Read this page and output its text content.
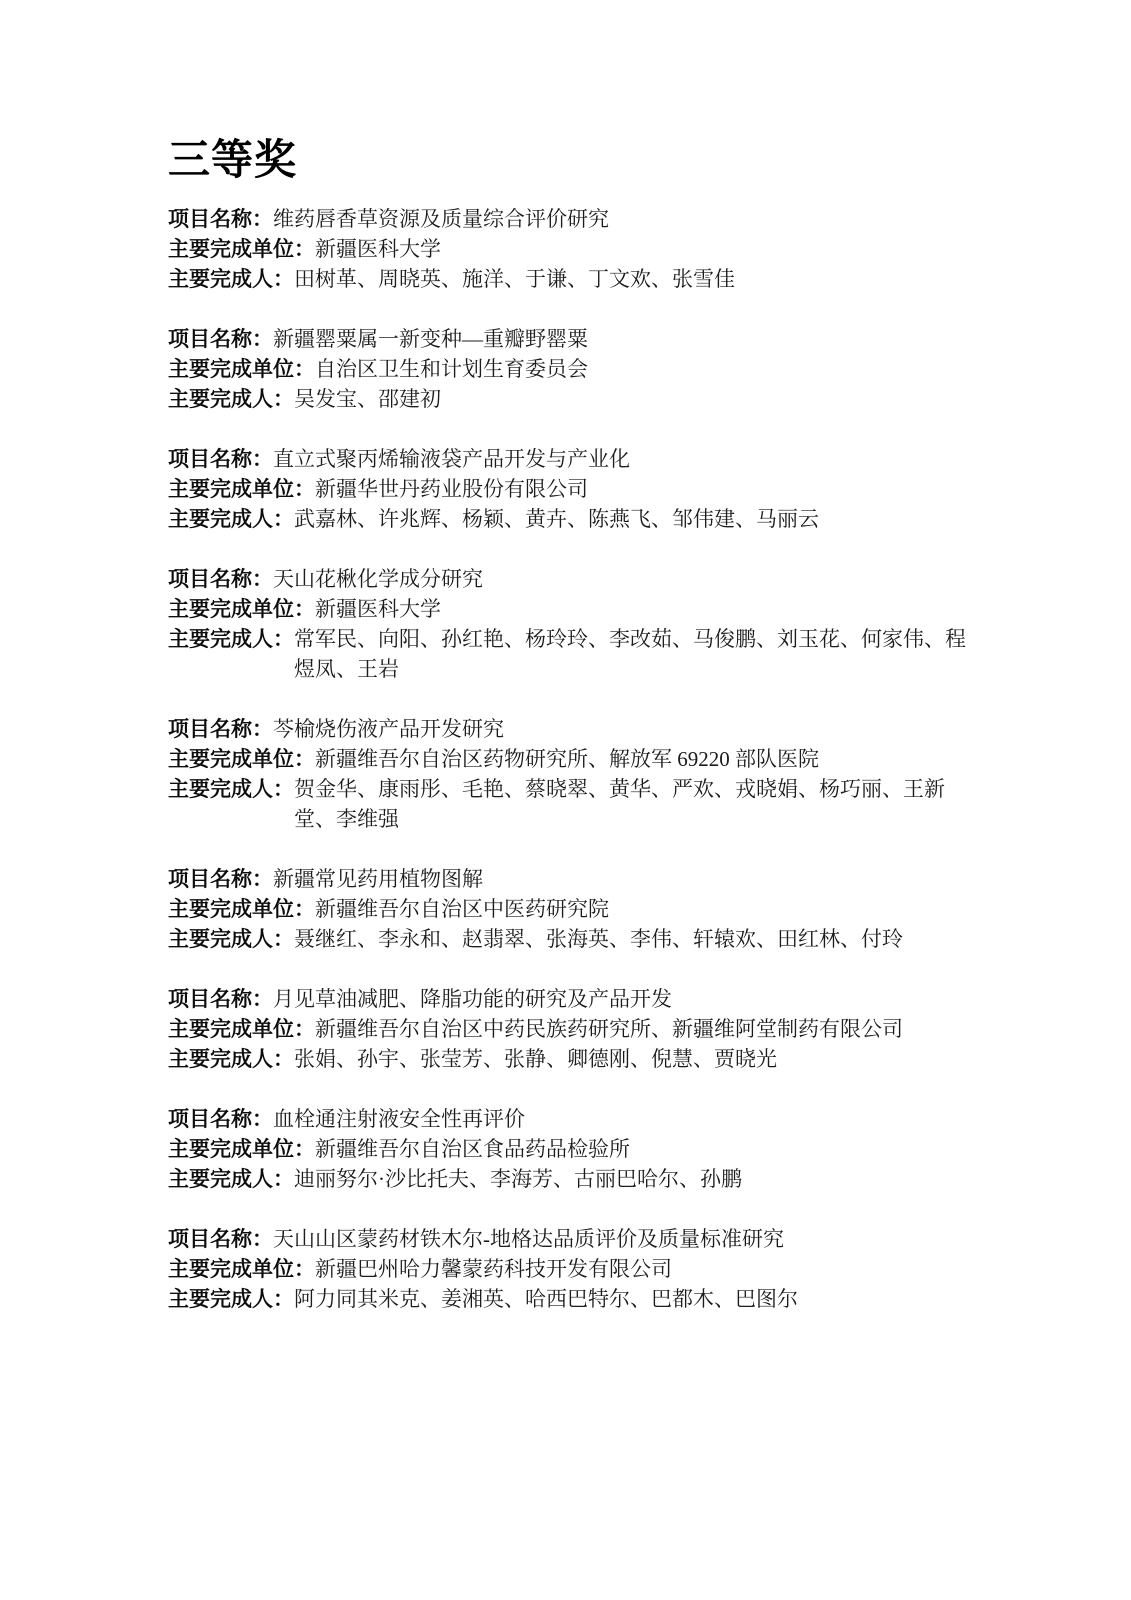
三等奖

项目名称：维药唇香草资源及质量综合评价研究

主要完成单位：新疆医科大学

主要完成人：田树革、周晓英、施洋、于谦、丁文欢、张雪佳

项目名称：新疆罂粟属一新变种—重瓣野罂粟

主要完成单位：自治区卫生和计划生育委员会

主要完成人：吴发宝、邵建初

项目名称：直立式聚丙烯输液袋产品开发与产业化

主要完成单位：新疆华世丹药业股份有限公司

主要完成人：武嘉林、许兆辉、杨颖、黄卉、陈燕飞、邹伟建、马丽云

项目名称：天山花楸化学成分研究

主要完成单位：新疆医科大学

主要完成人：常军民、向阳、孙红艳、杨玲玲、李改茹、马俊鹏、刘玉花、何家伟、程煜凤、王岩

项目名称：芩榆烧伤液产品开发研究

主要完成单位：新疆维吾尔自治区药物研究所、解放军 69220 部队医院

主要完成人：贺金华、康雨彤、毛艳、蔡晓翠、黄华、严欢、戎晓娟、杨巧丽、王新堂、李维强

项目名称：新疆常见药用植物图解

主要完成单位：新疆维吾尔自治区中医药研究院

主要完成人：聂继红、李永和、赵翡翠、张海英、李伟、轩辕欢、田红林、付玲

项目名称：月见草油减肥、降脂功能的研究及产品开发

主要完成单位：新疆维吾尔自治区中药民族药研究所、新疆维阿堂制药有限公司

主要完成人：张娟、孙宇、张莹芳、张静、卿德刚、倪慧、贾晓光

项目名称：血栓通注射液安全性再评价

主要完成单位：新疆维吾尔自治区食品药品检验所

主要完成人：迪丽努尔·沙比托夫、李海芳、古丽巴哈尔、孙鹏

项目名称：天山山区蒙药材铁木尔-地格达品质评价及质量标准研究

主要完成单位：新疆巴州哈力馨蒙药科技开发有限公司

主要完成人：阿力同其米克、姜湘英、哈西巴特尔、巴都木、巴图尔
